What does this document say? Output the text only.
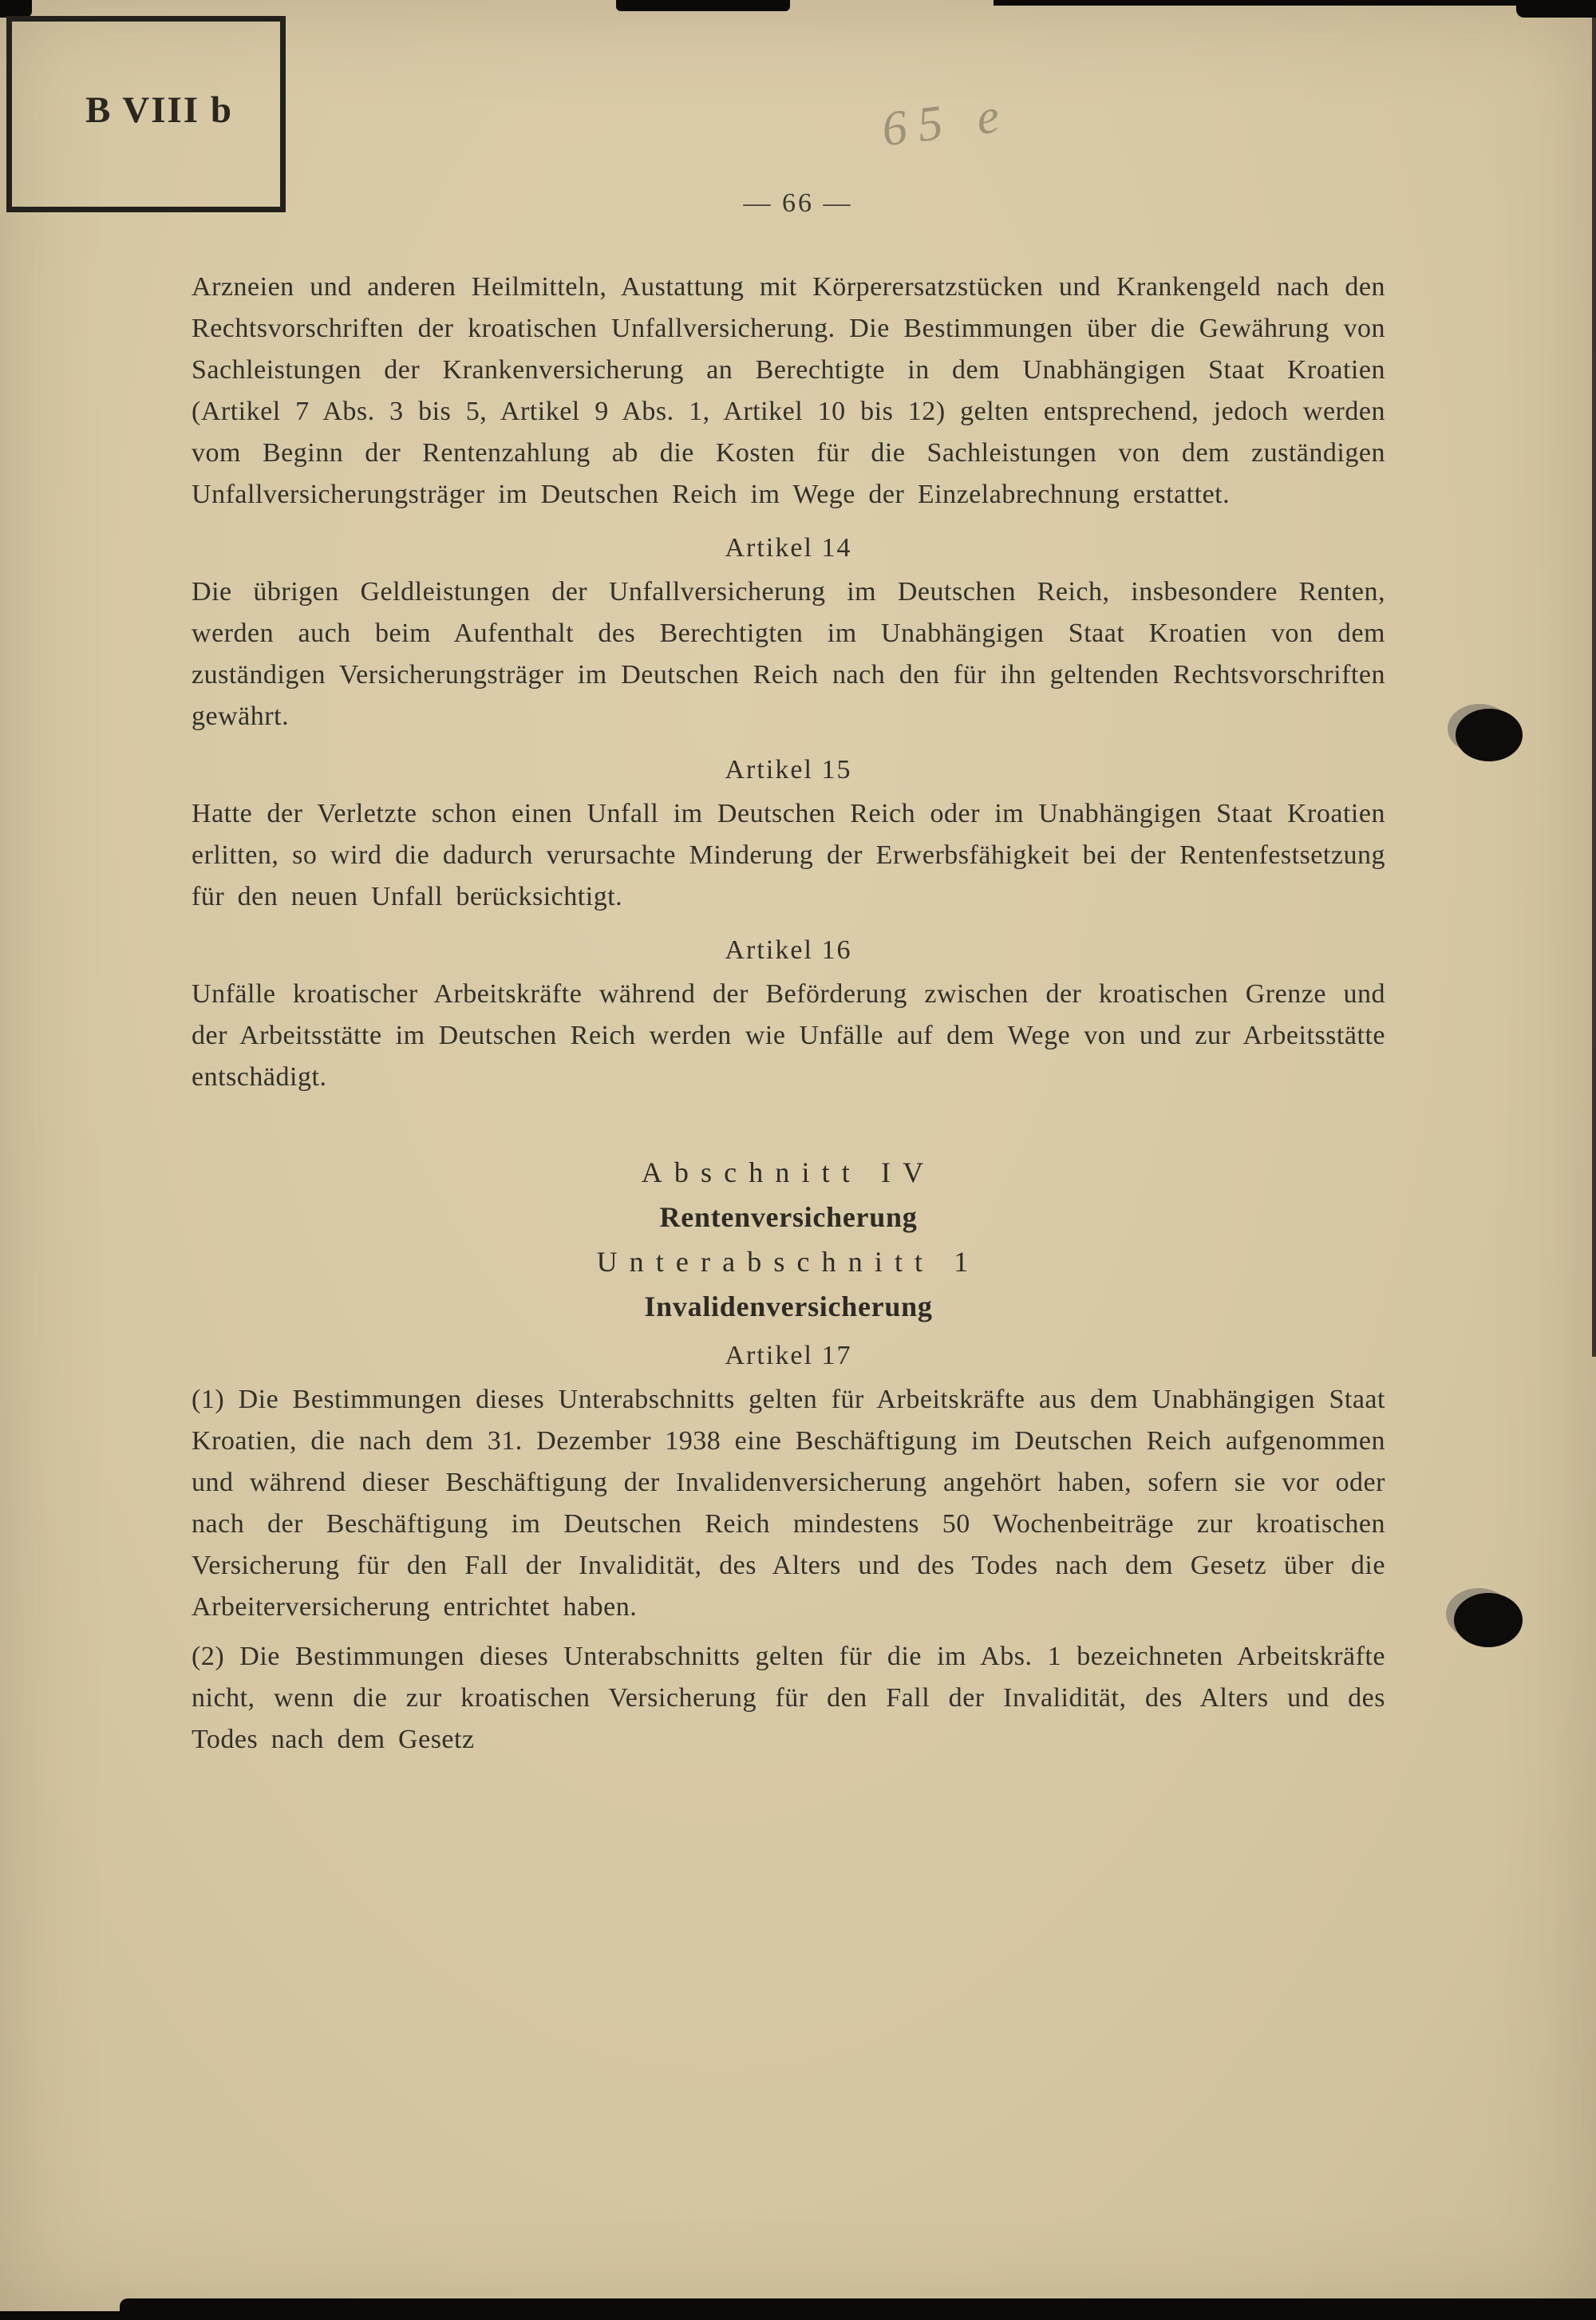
B VIII b	65 e
— 66 —

Arzneien und anderen Heilmitteln, Austattung mit Körperersatzstücken und Krankengeld nach den Rechtsvorschriften der kroatischen Unfallversicherung. Die Bestimmungen über die Gewährung von Sachleistungen der Krankenversicherung an Berechtigte in dem Unabhängigen Staat Kroatien (Artikel 7 Abs. 3 bis 5, Artikel 9 Abs. 1, Artikel 10 bis 12) gelten entsprechend, jedoch werden vom Beginn der Rentenzahlung ab die Kosten für die Sachleistungen von dem zuständigen Unfallversicherungsträger im Deutschen Reich im Wege der Einzelabrechnung erstattet.

Artikel 14

Die übrigen Geldleistungen der Unfallversicherung im Deutschen Reich, insbesondere Renten, werden auch beim Aufenthalt des Berechtigten im Unabhängigen Staat Kroatien von dem zuständigen Versicherungsträger im Deutschen Reich nach den für ihn geltenden Rechtsvorschriften gewährt.

Artikel 15

Hatte der Verletzte schon einen Unfall im Deutschen Reich oder im Unabhängigen Staat Kroatien erlitten, so wird die dadurch verursachte Minderung der Erwerbsfähigkeit bei der Rentenfestsetzung für den neuen Unfall berücksichtigt.

Artikel 16

Unfälle kroatischer Arbeitskräfte während der Beförderung zwischen der kroatischen Grenze und der Arbeitsstätte im Deutschen Reich werden wie Unfälle auf dem Wege von und zur Arbeitsstätte entschädigt.

Abschnitt IV
Rentenversicherung
Unterabschnitt 1
Invalidenversicherung
Artikel 17

(1) Die Bestimmungen dieses Unterabschnitts gelten für Arbeitskräfte aus dem Unabhängigen Staat Kroatien, die nach dem 31. Dezember 1938 eine Beschäftigung im Deutschen Reich aufgenommen und während dieser Beschäftigung der Invalidenversicherung angehört haben, sofern sie vor oder nach der Beschäftigung im Deutschen Reich mindestens 50 Wochenbeiträge zur kroatischen Versicherung für den Fall der Invalidität, des Alters und des Todes nach dem Gesetz über die Arbeiterversicherung entrichtet haben.

(2) Die Bestimmungen dieses Unterabschnitts gelten für die im Abs. 1 bezeichneten Arbeitskräfte nicht, wenn die zur kroatischen Versicherung für den Fall der Invalidität, des Alters und des Todes nach dem Gesetz
